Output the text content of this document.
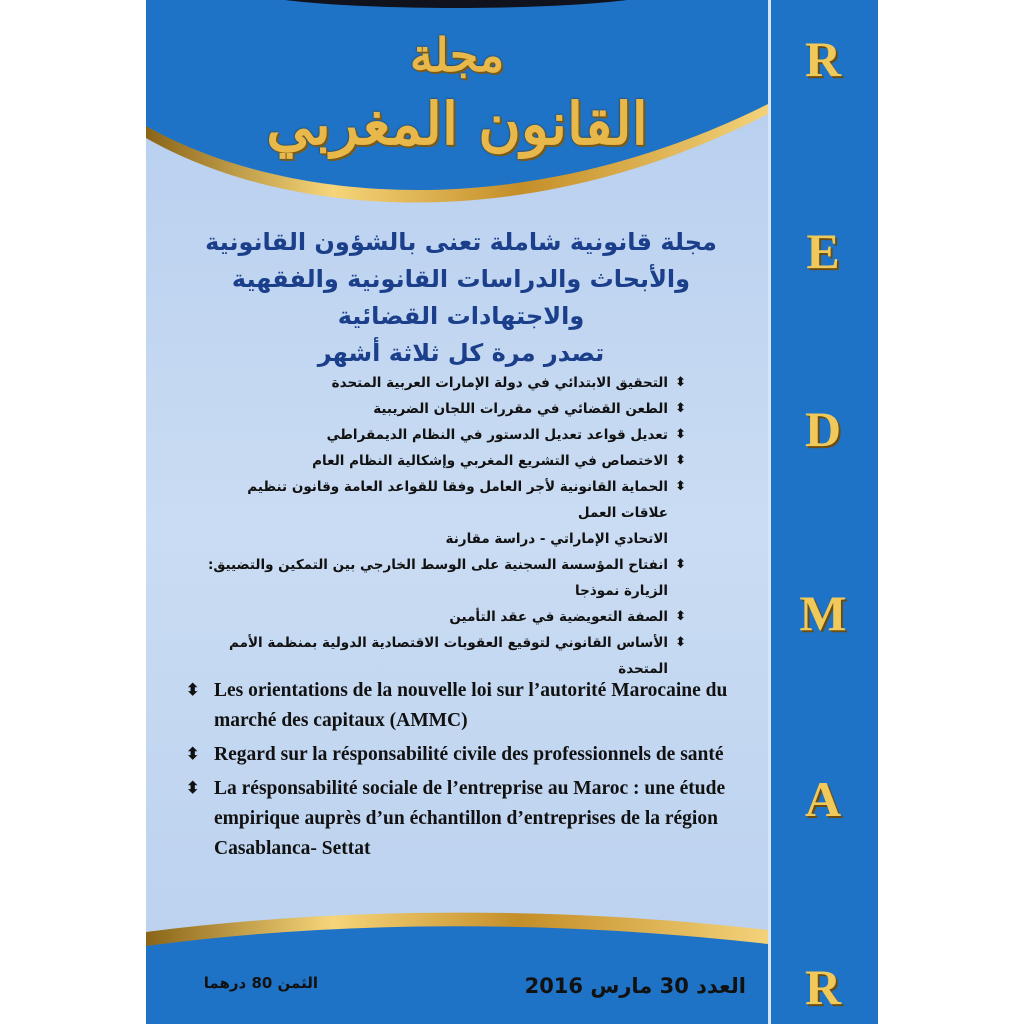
مجلة
القانون المغربي
مجلة قانونية شاملة تعنى بالشؤون القانونية
والأبحاث والدراسات القانونية والفقهية والاجتهادات القضائية
تصدر مرة كل ثلاثة أشهر
⬍
التحقيق الابتدائي في دولة الإمارات العربية المتحدة
⬍
الطعن القضائي في مقررات اللجان الضريبية
⬍
تعديل قواعد تعديل الدستور في النظام الديمقراطي
⬍
الاختصاص في التشريع المغربي وإشكالية النظام العام
⬍
الحماية القانونية لأجر العامل وفقا للقواعد العامة وقانون تنظيم علاقات العمل
الاتحادي الإماراتي - دراسة مقارنة
⬍
انفتاح المؤسسة السجنية على الوسط الخارجي بين التمكين والتضييق:
الزيارة نموذجا
⬍
الصفة التعويضية في عقد التأمين
⬍
الأساس القانوني لتوقيع العقوبات الاقتصادية الدولية بمنظمة الأمم المتحدة
⬍ Les orientations de la nouvelle loi sur l’autorité Marocaine du marché des capitaux (AMMC)
⬍ Regard sur la résponsabilité civile des professionnels de santé
⬍ La résponsabilité sociale de l’entreprise au Maroc : une étude empirique auprès d’un échantillon d’entreprises de la région Casablanca- Settat
العدد 30 مارس 2016
الثمن 80 درهما
R
E
D
M
A
R
